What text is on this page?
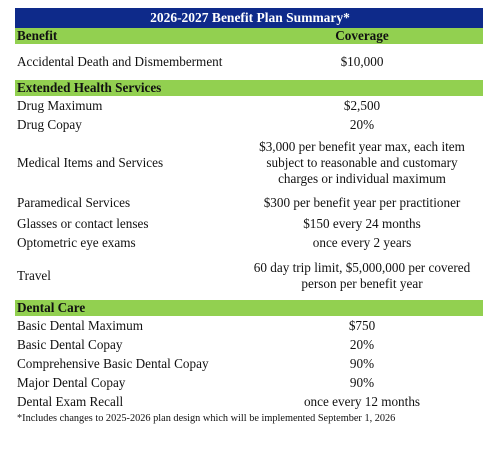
2026-2027 Benefit Plan Summary*	
Benefit	Coverage
Accidental Death and Dismemberment	$10,000
Extended Health Services	
Drug Maximum	$2,500
Drug Copay	20%
Medical Items and Services	$3,000 per benefit year max, each item subject to reasonable and customary charges or individual maximum
Paramedical Services	$300 per benefit year per practitioner
Glasses or contact lenses	$150 every 24 months
Optometric eye exams	once every 2 years
Travel	60 day trip limit, $5,000,000 per covered person per benefit year
Dental Care	
Basic Dental Maximum	$750
Basic Dental Copay	20%
Comprehensive Basic Dental Copay	90%
Major Dental Copay	90%
Dental Exam Recall	once every 12 months
*Includes changes to 2025-2026 plan design which will be implemented September 1, 2026
